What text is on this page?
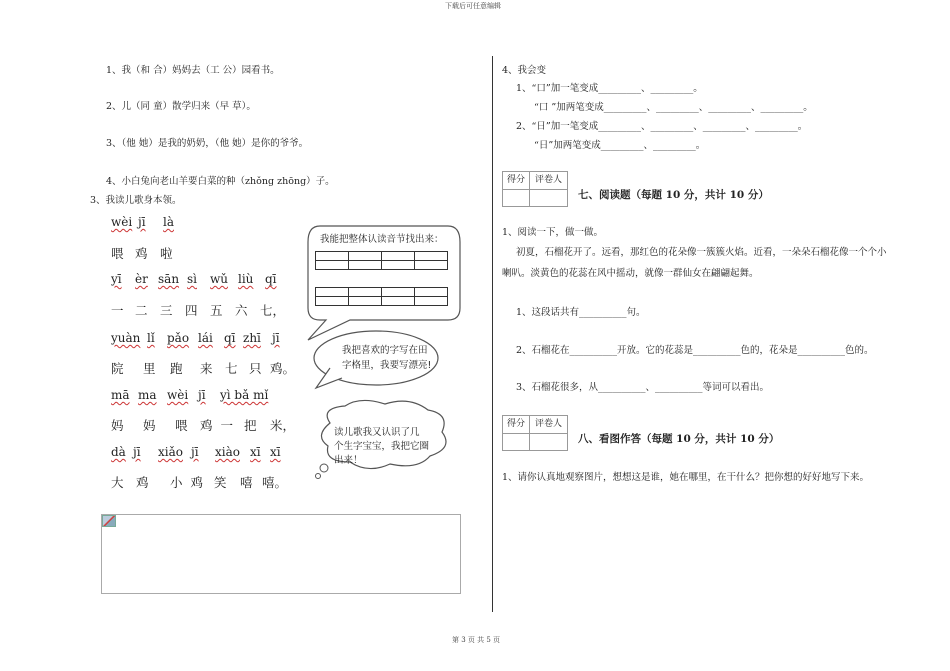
下载后可任意编辑
1、我（和 合）妈妈去（工 公）园看书。
2、儿（同 童）散学归来（早 草）。
3、（他 她）是我的奶奶，（他 她）是你的爷爷。
4、小白兔向老山羊要白菜的种（zhǒng zhōng）子。
3、我读儿歌身本领。
wèi jī là
喂 鸡 啦
yī èr sān sì wǔ liù qī
一 二 三 四 五 六 七，
yuàn lǐ pǎo lái qī zhī jī
院 里 跑 来 七 只 鸡。
mā ma wèi jī yì bǎ mǐ
妈 妈 喂 鸡一 把 米，
dà jī xiǎo jī xiào xī xī
大 鸡 小鸡 笑 嘻 嘻。
我能把整体认读音节找出来：

我把喜欢的字写在田
字格里，我要写漂亮!
读儿歌我又认识了几
个生字宝宝，我把它圈
出来！
4、我会变
1、“口”加一笔变成_________、_________。
“口 ”加两笔变成_________、_________、_________、_________。
2、“日”加一笔变成_________、_________、_________、_________。
“日”加两笔变成_________、_________。
得分	评卷人
七、阅读题（每题 10 分，共计 10 分）
1、阅读一下，做一做。
初夏，石榴花开了。远看，那红色的花朵像一簇簇火焰。近看，一朵朵石榴花像一个个小
喇叭。淡黄色的花蕊在风中摇动，就像一群仙女在翩翩起舞。
1、这段话共有__________句。
2、石榴花在__________开放。它的花蕊是__________色的，花朵是__________色的。
3、石榴花很多，从__________、__________等词可以看出。
得分	评卷人
八、看图作答（每题 10 分，共计 10 分）
1、请你认真地观察图片，想想这是谁，她在哪里，在干什么？把你想的好好地写下来。
第 3 页 共 5 页
